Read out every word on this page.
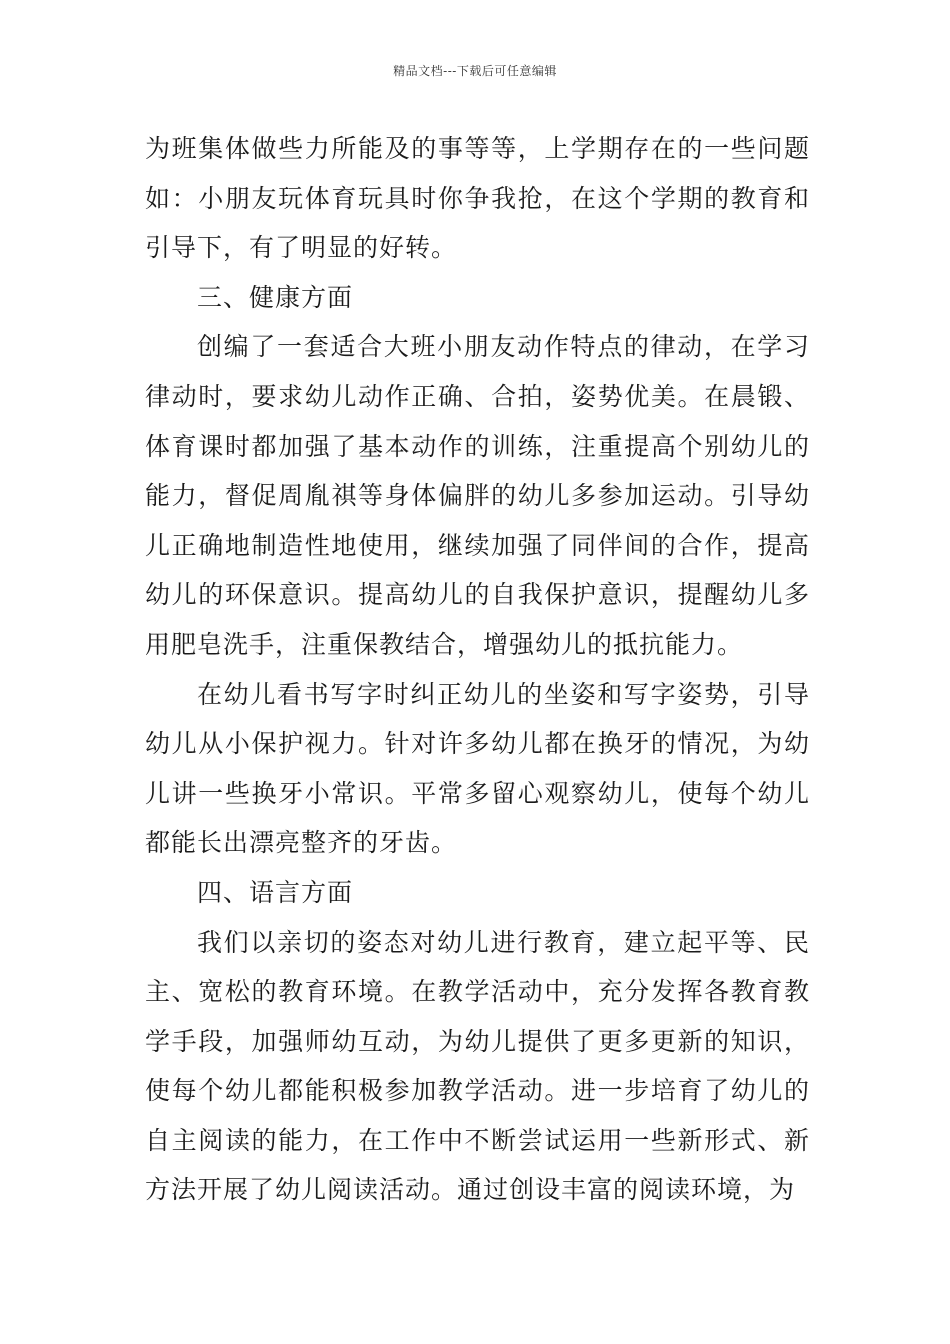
精品文档---下载后可任意编辑

为班集体做些力所能及的事等等，上学期存在的一些问题如：小朋友玩体育玩具时你争我抢，在这个学期的教育和引导下，有了明显的好转。

三、健康方面

创编了一套适合大班小朋友动作特点的律动，在学习律动时，要求幼儿动作正确、合拍，姿势优美。在晨锻、体育课时都加强了基本动作的训练，注重提高个别幼儿的能力，督促周胤祺等身体偏胖的幼儿多参加运动。引导幼儿正确地制造性地使用，继续加强了同伴间的合作，提高幼儿的环保意识。提高幼儿的自我保护意识，提醒幼儿多用肥皂洗手，注重保教结合，增强幼儿的抵抗能力。

在幼儿看书写字时纠正幼儿的坐姿和写字姿势，引导幼儿从小保护视力。针对许多幼儿都在换牙的情况，为幼儿讲一些换牙小常识。平常多留心观察幼儿，使每个幼儿都能长出漂亮整齐的牙齿。

四、语言方面

我们以亲切的姿态对幼儿进行教育，建立起平等、民主、宽松的教育环境。在教学活动中，充分发挥各教育教学手段，加强师幼互动，为幼儿提供了更多更新的知识，使每个幼儿都能积极参加教学活动。进一步培育了幼儿的自主阅读的能力，在工作中不断尝试运用一些新形式、新方法开展了幼儿阅读活动。通过创设丰富的阅读环境，为
